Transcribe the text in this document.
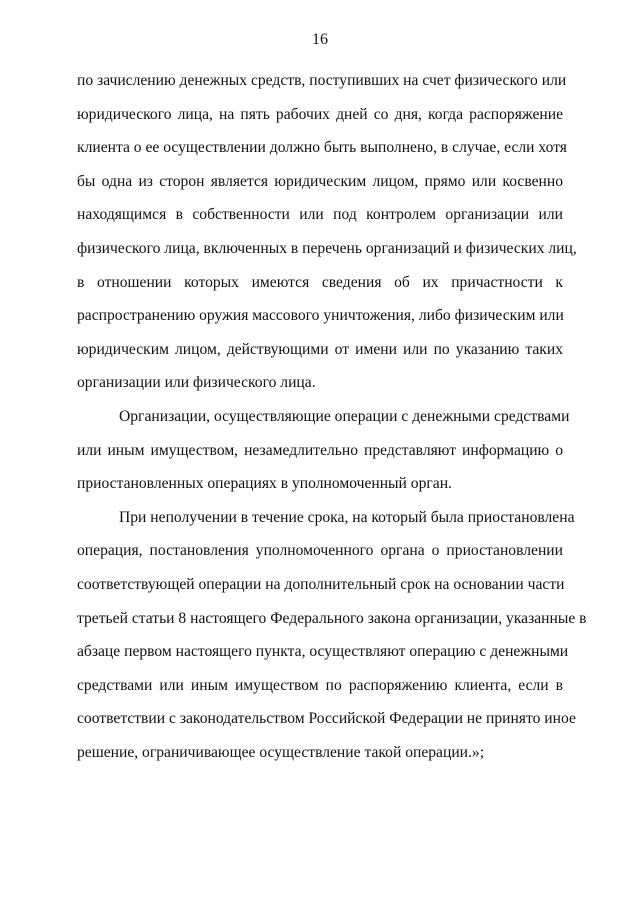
16
по зачислению денежных средств, поступивших на счет физического или
юридического лица, на пять рабочих дней со дня, когда распоряжение
клиента о ее осуществлении должно быть выполнено, в случае, если хотя
бы одна из сторон является юридическим лицом, прямо или косвенно
находящимся в собственности или под контролем организации или
физического лица, включенных в перечень организаций и физических лиц,
в отношении которых имеются сведения об их причастности к
распространению оружия массового уничтожения, либо физическим или
юридическим лицом, действующими от имени или по указанию таких
организации или физического лица.
Организации, осуществляющие операции с денежными средствами
или иным имуществом, незамедлительно представляют информацию о
приостановленных операциях в уполномоченный орган.
При неполучении в течение срока, на который была приостановлена
операция, постановления уполномоченного органа о приостановлении
соответствующей операции на дополнительный срок на основании части
третьей статьи 8 настоящего Федерального закона организации, указанные в
абзаце первом настоящего пункта, осуществляют операцию с денежными
средствами или иным имуществом по распоряжению клиента, если в
соответствии с законодательством Российской Федерации не принято иное
решение, ограничивающее осуществление такой операции.»;
